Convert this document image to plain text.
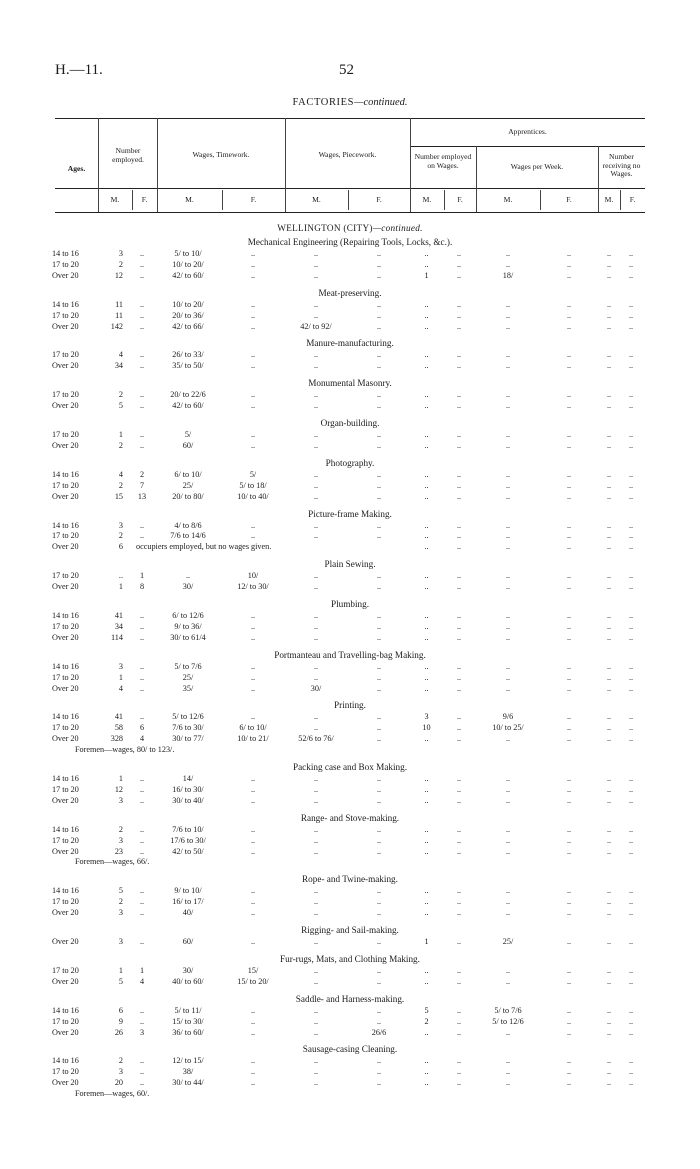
H.—11.	52
FACTORIES—continued.
Ages.
Number employed.
Wages, Timework.	Wages, Piecework.
Apprentices.
Number employed on Wages.	Wages per Week.
Number receiving no Wages.
M.	F.	M.	F.	M.	F.	M.	F.	M.	F.	M.	F.
WELLINGTON (CITY)—continued.
Mechanical Engineering (Repairing Tools, Locks, &c.).
14 to 16	3	..	5/ to 10/	..	..	..	..	..	..	..	..	..
17 to 20	2	..	10/ to 20/	..	..	..	..	..	..	..	..	..
Over 20	12	..	42/ to 60/	..	..	..	1	..	18/	..	..	..
Meat-preserving.
14 to 16	11	..	10/ to 20/	..	..	..	..	..	..	..	..	..
17 to 20	11	..	20/ to 36/	..	..	..	..	..	..	..	..	..
Over 20	142	..	42/ to 66/	..	42/ to 92/	..	..	..	..	..	..	..
Manure-manufacturing.
17 to 20	4	..	26/ to 33/	..	..	..	..	..	..	..	..	..
Over 20	34	..	35/ to 50/	..	..	..	..	..	..	..	..	..
Monumental Masonry.
17 to 20	2	..	20/ to 22/6	..	..	..	..	..	..	..	..	..
Over 20	5	..	42/ to 60/	..	..	..	..	..	..	..	..	..
Organ-building.
17 to 20	1	..	5/	..	..	..	..	..	..	..	..	..
Over 20	2	..	60/	..	..	..	..	..	..	..	..	..
Photography.
14 to 16	4	2	6/ to 10/	5/	..	..	..	..	..	..	..	..
17 to 20	2	7	25/	5/ to 18/	..	..	..	..	..	..	..	..
Over 20	15	13	20/ to 80/	10/ to 40/	..	..	..	..	..	..	..	..
Picture-frame Making.
14 to 16	3	..	4/ to 8/6	..	..	..	..	..	..	..	..	..
17 to 20	2	..	7/6 to 14/6	..	..	..	..	..	..	..	..	..
Over 20	6	..	..	..	..	..	..
occupiers employed, but no wages given.
Plain Sewing.
17 to 20	..	1	..	10/	..	..	..	..	..	..	..	..
Over 20	1	8	30/	12/ to 30/	..	..	..	..	..	..	..	..
Plumbing.
14 to 16	41	..	6/ to 12/6	..	..	..	..	..	..	..	..	..
17 to 20	34	..	9/ to 36/	..	..	..	..	..	..	..	..	..
Over 20	114	..	30/ to 61/4	..	..	..	..	..	..	..	..	..
Portmanteau and Travelling-bag Making.
14 to 16	3	..	5/ to 7/6	..	..	..	..	..	..	..	..	..
17 to 20	1	..	25/	..	..	..	..	..	..	..	..	..
Over 20	4	..	35/	..	30/	..	..	..	..	..	..	..
Printing.
14 to 16	41	..	5/ to 12/6	..	..	..	3	..	9/6	..	..	..
17 to 20	58	6	7/6 to 30/	6/ to 10/	..	..	10	..	10/ to 25/	..	..	..
Over 20	328	4	30/ to 77/	10/ to 21/	52/6 to 76/	..	..	..	..	..	..	..
Foremen—wages, 80/ to 123/.
Packing case and Box Making.
14 to 16	1	..	14/	..	..	..	..	..	..	..	..	..
17 to 20	12	..	16/ to 30/	..	..	..	..	..	..	..	..	..
Over 20	3	..	30/ to 40/	..	..	..	..	..	..	..	..	..
Range- and Stove-making.
14 to 16	2	..	7/6 to 10/	..	..	..	..	..	..	..	..	..
17 to 20	3	..	17/6 to 30/	..	..	..	..	..	..	..	..	..
Over 20	23	..	42/ to 50/	..	..	..	..	..	..	..	..	..
Foremen—wages, 66/.
Rope- and Twine-making.
14 to 16	5	..	9/ to 10/	..	..	..	..	..	..	..	..	..
17 to 20	2	..	16/ to 17/	..	..	..	..	..	..	..	..	..
Over 20	3	..	40/	..	..	..	..	..	..	..	..	..
Rigging- and Sail-making.
Over 20	3	..	60/	..	..	..	1	..	25/	..	..	..
Fur-rugs, Mats, and Clothing Making.
17 to 20	1	1	30/	15/	..	..	..	..	..	..	..	..
Over 20	5	4	40/ to 60/	15/ to 20/	..	..	..	..	..	..	..	..
Saddle- and Harness-making.
14 to 16	6	..	5/ to 11/	..	..	..	5	..	5/ to 7/6	..	..	..
17 to 20	9	..	15/ to 30/	..	..	..	2	..	5/ to 12/6	..	..	..
Over 20	26	3	36/ to 60/	..	..	26/6	..	..	..	..	..	..
Sausage-casing Cleaning.
14 to 16	2	..	12/ to 15/	..	..	..	..	..	..	..	..	..
17 to 20	3	..	38/	..	..	..	..	..	..	..	..	..
Over 20	20	..	30/ to 44/	..	..	..	..	..	..	..	..	..
Foremen—wages, 60/.
